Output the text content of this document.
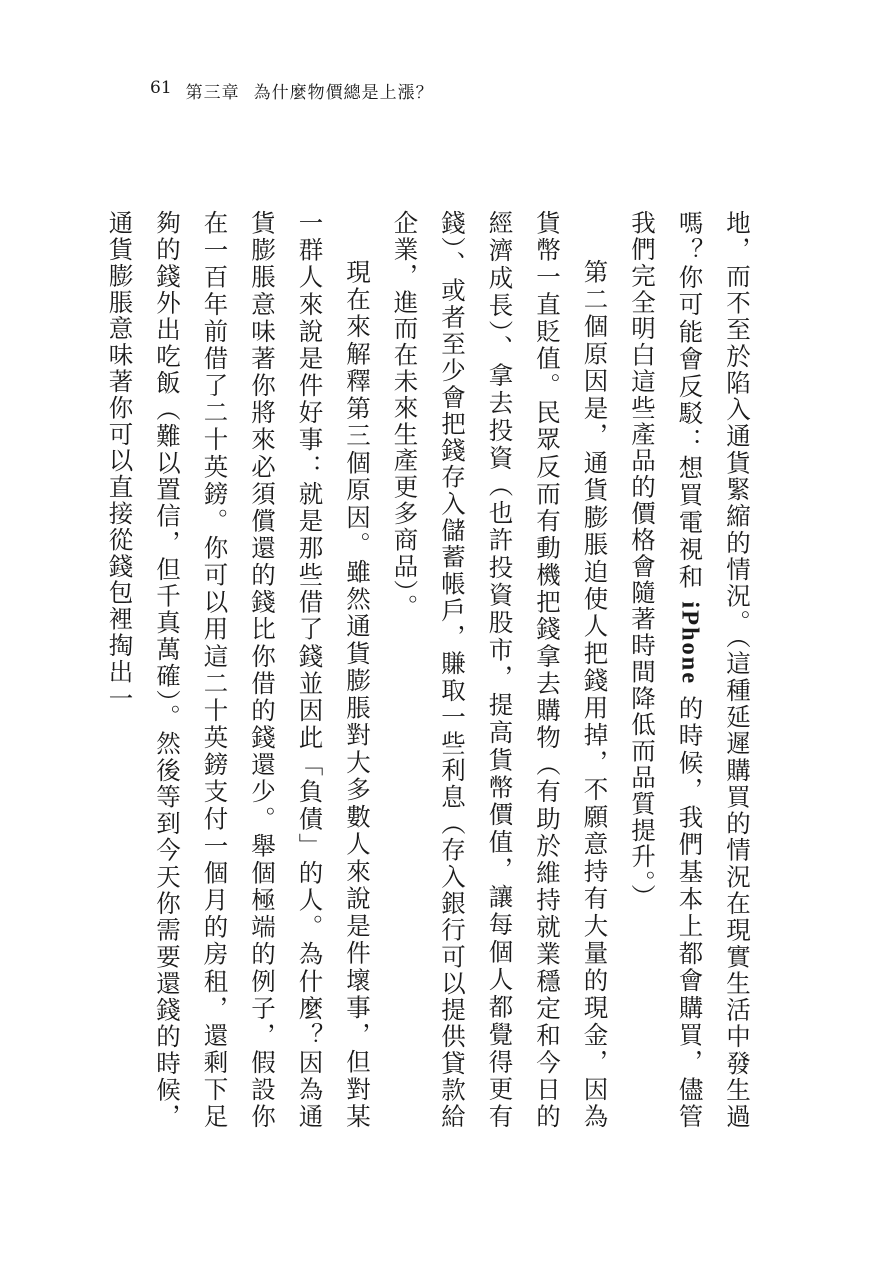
61 第三章 為什麼物價總是上漲？

地，而不至於陷入通貨緊縮的情況。（這種延遲購買的情況在現實生活中發生過嗎？你可能會反駁：想買電視和 iPhone 的時候，我們基本上都會購買，儘管我們完全明白這些產品的價格會隨著時間降低而品質提升。）

第二個原因是，通貨膨脹迫使人把錢用掉，不願意持有大量的現金，因為貨幣一直貶值。民眾反而有動機把錢拿去購物（有助於維持就業穩定和今日的經濟成長）、拿去投資（也許投資股市，提高貨幣價值，讓每個人都覺得更有錢）、或者至少會把錢存入儲蓄帳戶，賺取一些利息（存入銀行可以提供貸款給企業，進而在未來生產更多商品）。

現在來解釋第三個原因。雖然通貨膨脹對大多數人來說是件壞事，但對某一群人來說是件好事：就是那些借了錢並因此「負債」的人。為什麼？因為通貨膨脹意味著你將來必須償還的錢比你借的錢還少。舉個極端的例子，假設你在一百年前借了二十英鎊。你可以用這二十英鎊支付一個月的房租，還剩下足夠的錢外出吃飯（難以置信，但千真萬確）。然後等到今天你需要還錢的時候，通貨膨脹意味著你可以直接從錢包裡掏出一
